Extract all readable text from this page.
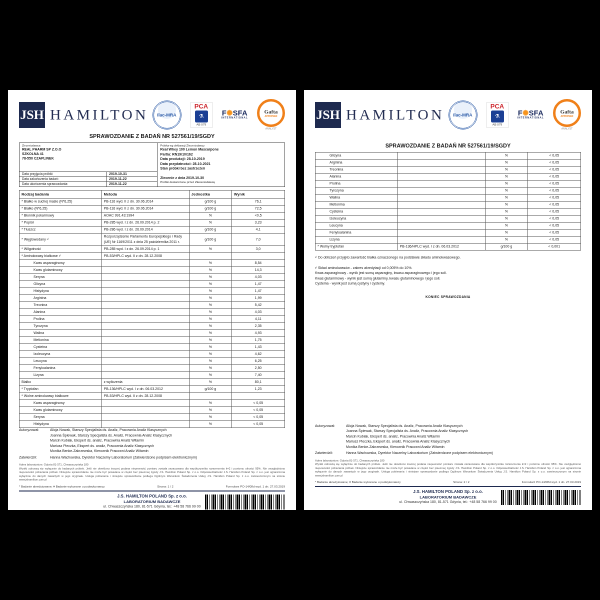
JSH HAMILTON ilac-MRA
PCA
⚗
AB 079
F✺SFA
INTERNATIONAL
Gafta
APPROVED
ANALYST
SPRAWOZDANIE Z BADAŃ NR 527561/19/SGDY
Zleceniodawca
REAL PHARM SP Z.O.O
SZKOLNA 41
78-550 CZAPLINEK
Data przyjęcia próbki:	2019-10-31
Data zakończenia badań:	2019-11-22
Data ukończenia sprawozdania:	2019-11-22
Próbka wg deklaracji Zleceniodawcy
Real Whey 100 Lemon Mascarpone
Partia: RN19/10/162
Data produkcji: 28-10-2019
Data przydatności: 28-10-2021
Stan próbki bez zastrzeżeń
Zlecenie z dnia 2019-10-30
Próbki dostarczone przez Zleceniodawcę
Rodzaj badania	Metoda	Jednostka	Wynik
* Białko w suchej masie (N*6,25)	PB-116 wyd. II z dn. 30.06.2014	g/100 g	76,1
* Białko (N*6,25)	PB-116 wyd. II z dn. 30.06.2014	g/100 g	72,5
* Błonnik pokarmowy	AOAC 991.43:1994	%	<0,5
* Popiół	PB-285 wyd. I z dn. 26.09.2014 p. 2	%	3,23
* Tłuszcz	PB-286 wyd. I z dn. 26.09.2014	g/100 g	4,1
* Węglowodany ¹⁾	Rozporządzenie Parlamentu Europejskiego i Rady (UE) Nr 1169/2011 z dnia 25 października 2011 r.	g/100 g	7,0
* Wilgotność	PB-285 wyd. I z dn. 26.09.2014 p. 1	%	3,0
* Aminokwasy białkowe ²⁾	PB-53/HPLC wyd. II z dn. 28.12.2008		
Kwas asparaginowy		%	8,54
Kwas glutaminowy		%	14,3
Seryna		%	4,03
Glicyna		%	1,47
Histydyna		%	1,47
Arginina		%	1,99
Treonina		%	5,42
Alanina		%	4,03
Prolina		%	4,11
Tyrozyna		%	2,35
Walina		%	4,93
Metionina		%	1,75
Cysteina		%	1,43
Izoleucyna		%	4,62
Leucyna		%	6,25
Fenyloalanina		%	2,50
Lizyna		%	7,40
Białko	z wyliczenia	%	80,1
* Tryptofan	PB-136/HPLC wyd. I z dn. 06.03.2012	g/100 g	1,23
* Wolne aminokwasy białkowe	PB-53/HPLC wyd. II z dn. 28.12.2008		
Kwas asparaginowy		%	< 0,05
Kwas glutaminowy		%	< 0,05
Seryna		%	< 0,05
Histydyna		%	< 0,05
Autoryzował:	Alicja Nowak, Starszy Specjalista ds. Analiz, Pracownia Analiz Klasycznych
Joanna Śpiewak, Starszy Specjalista ds. Analiz, Pracownia Analiz Klasycznych
Marcin Kubiak, Ekspert ds. analiz, Pracownia Analiz Witamin
Mariusz Pieczka, Ekspert ds. analiz, Pracownia Analiz Klasycznych
Monika Benke-Zakrzewska, Kierownik Pracowni Analiz Witamin
Zatwierdził:	Hanna Wachowska, Dyrektor Naczelny Laboratorium (Zatwierdzone podpisem elektronicznym)
Adres laboratorium: Gdynia 81-571, Chwaszczyńska 180
Wyniki odnoszą się wyłącznie do badanych próbek. Jeśli nie określono inaczej podana niepewność pomiaru została oszacowana dla współczynnika rozszerzenia k=2 i poziomu ufności 95%. Nie uwzględniono niepewności pobierania próbek. Niniejsze sprawozdanie nie może być powielane w części bez pisemnej zgody J.S. Hamilton Poland Sp. z o.o. Odpowiedzialność J.S. Hamilton Poland Sp. z o.o. jest ograniczona wyłącznie do danych zawartych w jego oryginale. Usługa pobierania i niniejsze sprawozdanie podlega Ogólnym Warunkom Świadczenia Usług J.S. Hamilton Poland Sp. z o.o. zamieszczonym na stronie www.jshamilton.com.pl
* Badanie akredytowane; # Badanie wykonane u podwykonawcy	Strona: 1 / 2	Formularz PO-14/08d wyd. 1 dn. 27.03.2019
J.S. HAMILTON POLAND Sp. z o.o.
LABORATORIUM BADAWCZE
ul. Chwaszczyńska 180, 81-571 Gdynia, tel.: +48 58 766 99 00
JSH HAMILTON ilac-MRA
PCA
⚗
AB 079
F✺SFA
INTERNATIONAL
Gafta
APPROVED
ANALYST
SPRAWOZDANIE Z BADAŃ NR 527561/19/SGDY
Glicyna		%	< 0,05
Arginina		%	< 0,05
Treonina		%	< 0,05
Alanina		%	< 0,05
Prolina		%	< 0,05
Tyrozyna		%	< 0,05
Walina		%	< 0,05
Metionina		%	< 0,05
Cysteina		%	< 0,05
Izoleucyna		%	< 0,05
Leucyna		%	< 0,05
Fenyloalanina		%	< 0,05
Lizyna		%	< 0,05
* Wolny tryptofan	PB-136/HPLC wyd. I z dn. 06.03.2012	g/100 g	< 0,001

¹⁾ Do obliczeń przyjęto zawartość białka oznaczonego na podstawie składu aminokwasowego.

²⁾ Skład aminokwasów - zakres akredytacji od 0,005% do 10%.
Kwas asparaginowy - wynik jest sumą asparaginy, kwasu asparaginowego i jego soli.
Kwas glutaminowy - wynik jest sumą glutaminy, kwasu glutaminowego i jego soli.
Cysteina - wynik jest sumą cystyny i cysteiny.
KONIEC SPRAWOZDANIA
Autoryzował:	Alicja Nowak, Starszy Specjalista ds. Analiz, Pracownia Analiz Klasycznych
Joanna Śpiewak, Starszy Specjalista ds. Analiz, Pracownia Analiz Klasycznych
Marcin Kubiak, Ekspert ds. analiz, Pracownia Analiz Witamin
Mariusz Pieczka, Ekspert ds. analiz, Pracownia Analiz Klasycznych
Monika Benke-Zakrzewska, Kierownik Pracowni Analiz Witamin
Zatwierdził:	Hanna Wachowska, Dyrektor Naczelny Laboratorium (Zatwierdzone podpisem elektronicznym)
Adres laboratorium: Gdynia 81-571, Chwaszczyńska 180
Wyniki odnoszą się wyłącznie do badanych próbek. Jeśli nie określono inaczej podana niepewność pomiaru została oszacowana dla współczynnika rozszerzenia k=2 i poziomu ufności 95%. Nie uwzględniono niepewności pobierania próbek. Niniejsze sprawozdanie nie może być powielane w części bez pisemnej zgody J.S. Hamilton Poland Sp. z o.o. Odpowiedzialność J.S. Hamilton Poland Sp. z o.o. jest ograniczona wyłącznie do danych zawartych w jego oryginale. Usługa pobierania i niniejsze sprawozdanie podlega Ogólnym Warunkom Świadczenia Usług J.S. Hamilton Poland Sp. z o.o. zamieszczonym na stronie www.jshamilton.com.pl
* Badanie akredytowane; # Badanie wykonane u podwykonawcy	Strona: 2 / 2	Formularz PO-14/08d wyd. 1 dn. 27.03.2019
J.S. HAMILTON POLAND Sp. z o.o.
LABORATORIUM BADAWCZE
ul. Chwaszczyńska 180, 81-571 Gdynia, tel.: +48 58 766 99 00
